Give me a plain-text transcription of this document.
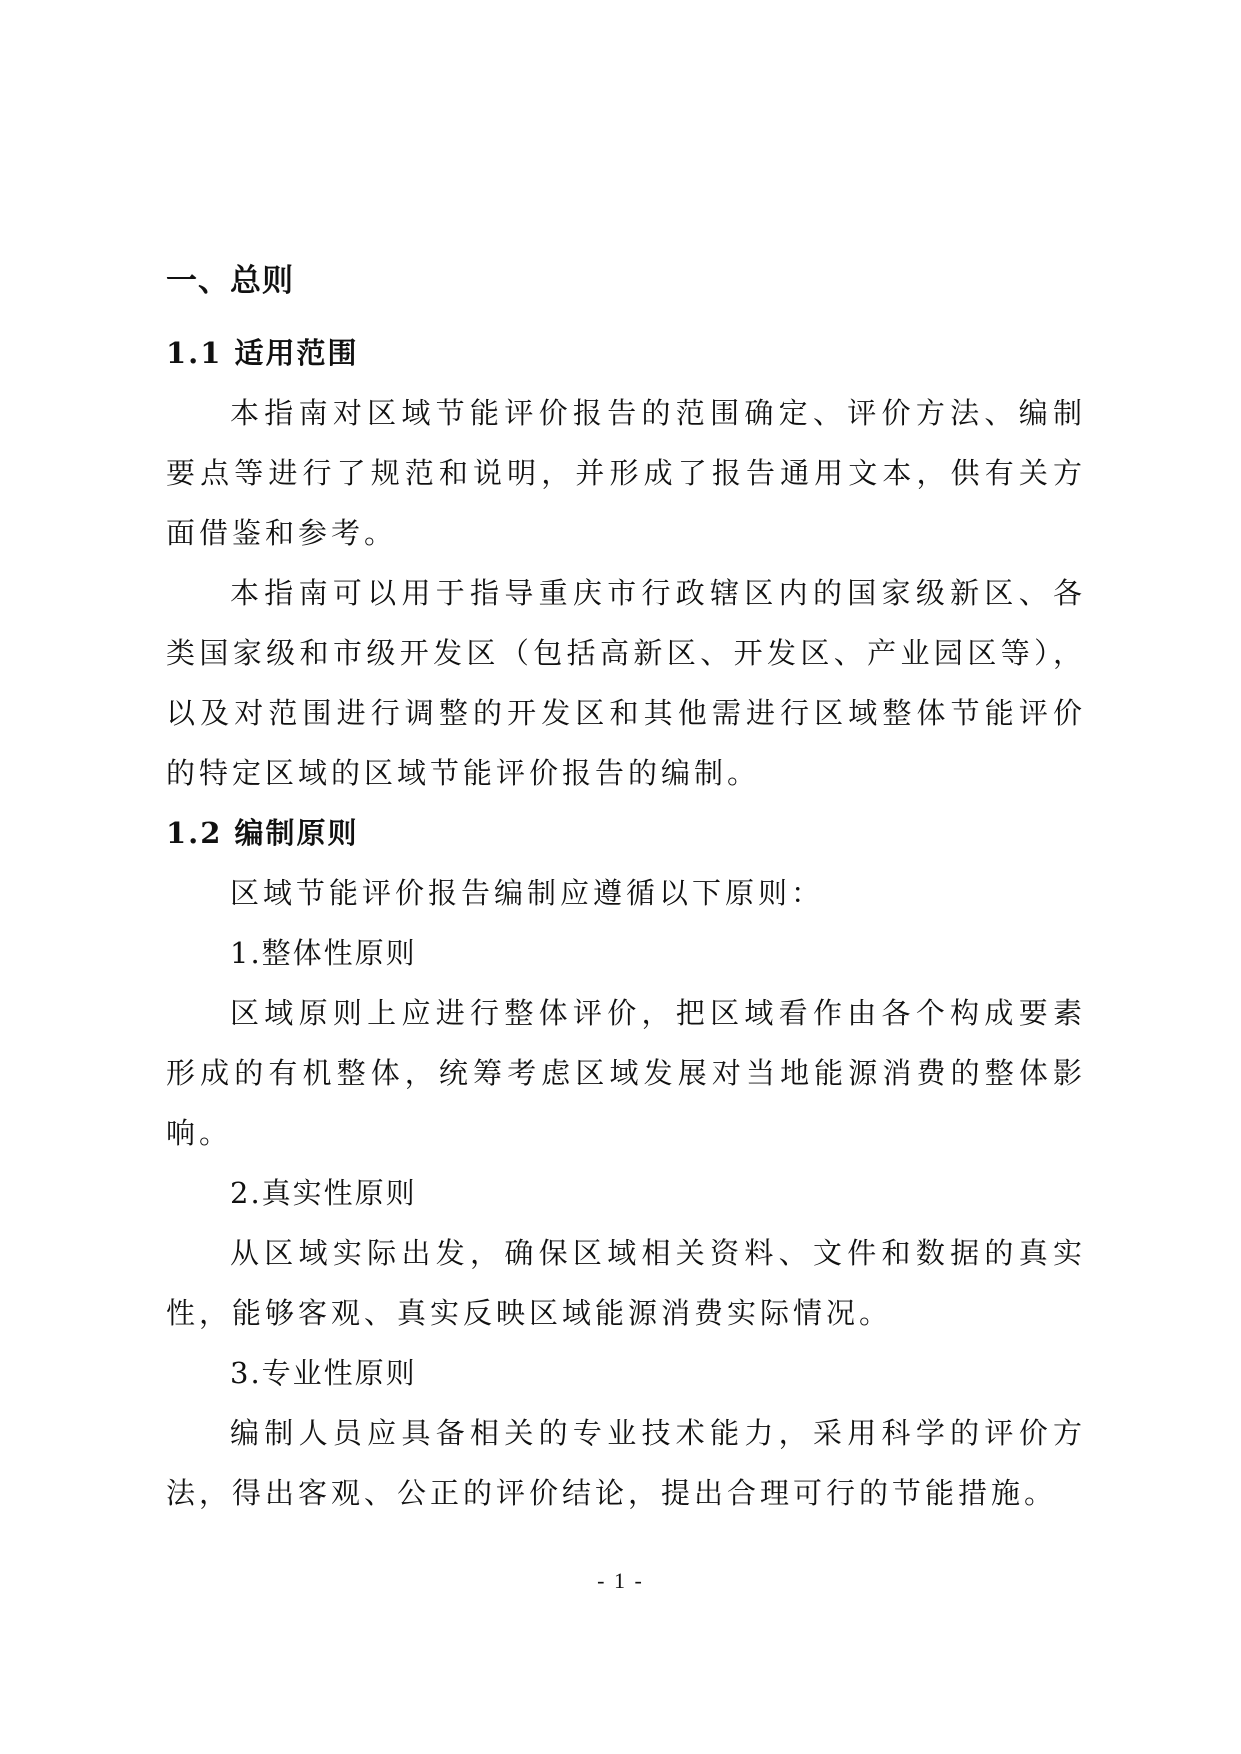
一、总则
1.1 适用范围

本指南对区域节能评价报告的范围确定、评价方法、编制要点等进行了规范和说明，并形成了报告通用文本，供有关方面借鉴和参考。

本指南可以用于指导重庆市行政辖区内的国家级新区、各类国家级和市级开发区（包括高新区、开发区、产业园区等），以及对范围进行调整的开发区和其他需进行区域整体节能评价的特定区域的区域节能评价报告的编制。

1.2 编制原则

区域节能评价报告编制应遵循以下原则：

1.整体性原则

区域原则上应进行整体评价，把区域看作由各个构成要素形成的有机整体，统筹考虑区域发展对当地能源消费的整体影响。

2.真实性原则

从区域实际出发，确保区域相关资料、文件和数据的真实性，能够客观、真实反映区域能源消费实际情况。

3.专业性原则

编制人员应具备相关的专业技术能力，采用科学的评价方法，得出客观、公正的评价结论，提出合理可行的节能措施。

- 1 -
